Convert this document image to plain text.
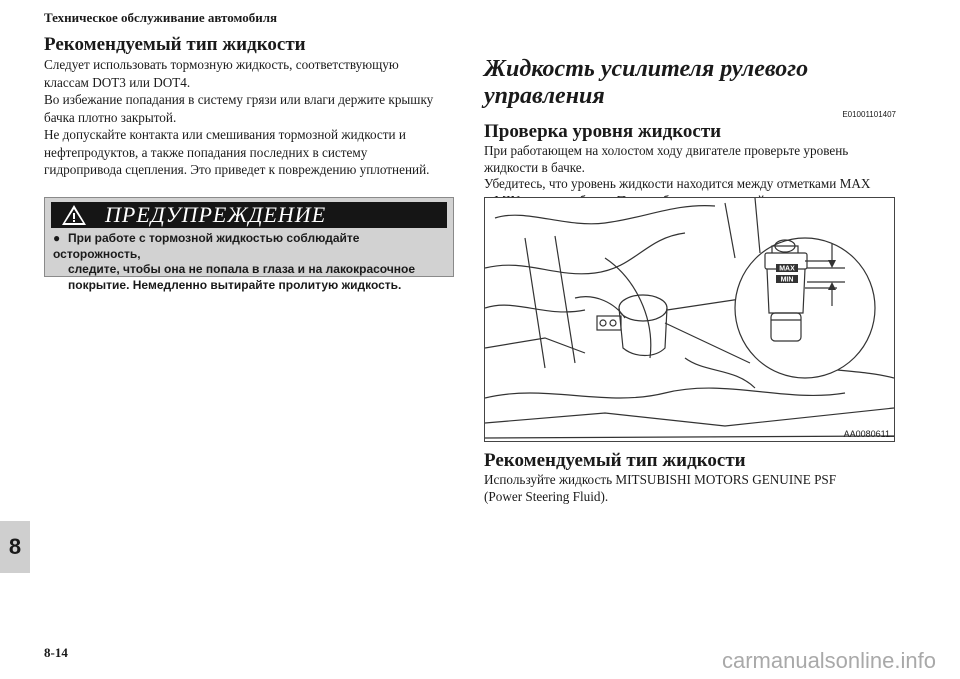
Техническое обслуживание автомобиля

Рекомендуемый тип жидкости

Следует использовать тормозную жидкость, соответствующую

классам DOT3 или DOT4.

Во избежание попадания в систему грязи или влаги держите крышку

бачка плотно закрытой.

Не допускайте контакта или смешивания тормозной жидкости и

нефтепродуктов, а также попадания последних в систему

гидропривода сцепления. Это приведет к повреждению уплотнений.

ПРЕДУПРЕЖДЕНИЕ
● При работе с тормозной жидкостью соблюдайте осторожность,
следите, чтобы она не попала в глаза и на лакокрасочное
покрытие. Немедленно вытирайте пролитую жидкость.

Жидкость усилителя рулевого управления

E01001101407

Проверка уровня жидкости

При работающем на холостом ходу двигателе проверьте уровень

жидкости в бачке.

Убедитесь, что уровень жидкости находится между отметками MAX

MAX
MIN
AA0080611

Рекомендуемый тип жидкости

Используйте жидкость MITSUBISHI MOTORS GENUINE PSF

(Power Steering Fluid).

8
8-14	carmanualsonline.info
